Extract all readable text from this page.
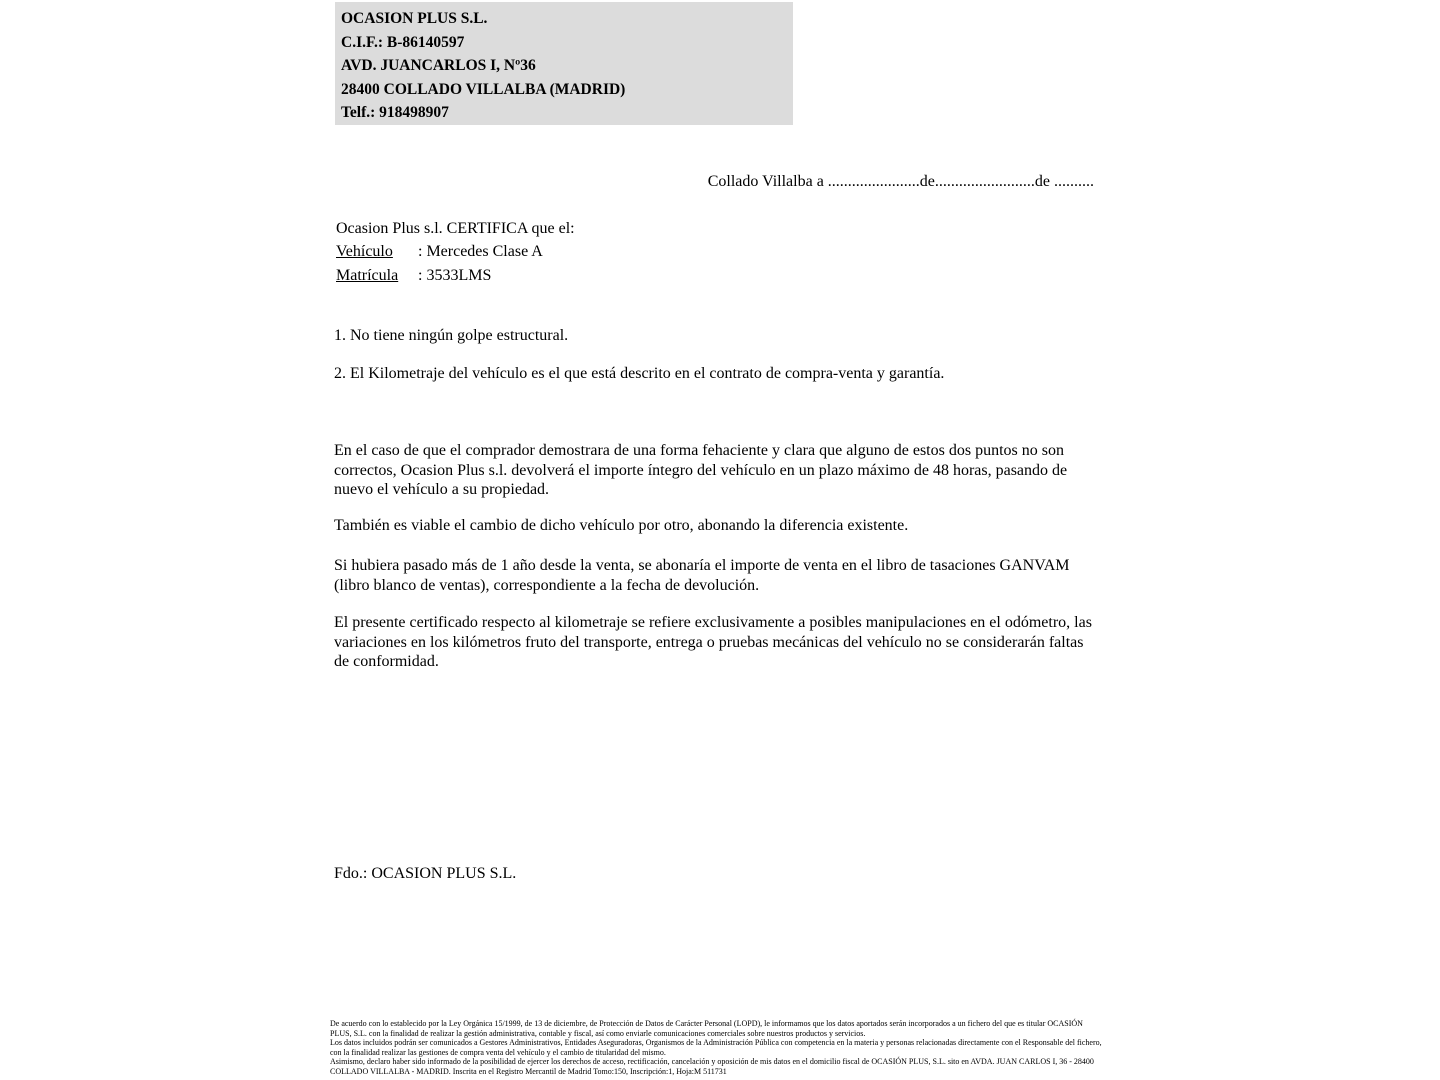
OCASION PLUS S.L.
C.I.F.: B-86140597
AVD. JUANCARLOS I, Nº36
28400 COLLADO VILLALBA (MADRID)
Telf.: 918498907
Collado Villalba a .......................de.........................de ..........
Ocasion Plus s.l. CERTIFICA que el:
Vehículo : Mercedes Clase A
Matrícula : 3533LMS
1. No tiene ningún golpe estructural.
2. El Kilometraje del vehículo es el que está descrito en el contrato de compra-venta y garantía.
En el caso de que el comprador demostrara de una forma fehaciente y clara que alguno de estos dos puntos no son correctos, Ocasion Plus s.l. devolverá el importe íntegro del vehículo en un plazo máximo de 48 horas, pasando de nuevo el vehículo a su propiedad.
También es viable el cambio de dicho vehículo por otro, abonando la diferencia existente.
Si hubiera pasado más de 1 año desde la venta, se abonaría el importe de venta en el libro de tasaciones GANVAM (libro blanco de ventas), correspondiente a la fecha de devolución.
El presente certificado respecto al kilometraje se refiere exclusivamente a posibles manipulaciones en el odómetro, las variaciones en los kilómetros fruto del transporte, entrega o pruebas mecánicas del vehículo no se considerarán faltas de conformidad.
Fdo.: OCASION PLUS S.L.
De acuerdo con lo establecido por la Ley Orgánica 15/1999, de 13 de diciembre, de Protección de Datos de Carácter Personal (LOPD), le informamos que los datos aportados serán incorporados a un fichero del que es titular OCASIÓN PLUS, S.L. con la finalidad de realizar la gestión administrativa, contable y fiscal, así como enviarle comunicaciones comerciales sobre nuestros productos y servicios.
Los datos incluidos podrán ser comunicados a Gestores Administrativos, Entidades Aseguradoras, Organismos de la Administración Pública con competencia en la materia y personas relacionadas directamente con el Responsable del fichero, con la finalidad realizar las gestiones de compra venta del vehículo y el cambio de titularidad del mismo.
Asimismo, declaro haber sido informado de la posibilidad de ejercer los derechos de acceso, rectificación, cancelación y oposición de mis datos en el domicilio fiscal de OCASIÓN PLUS, S.L. sito en AVDA. JUAN CARLOS I, 36 - 28400 COLLADO VILLALBA - MADRID. Inscrita en el Registro Mercantil de Madrid Tomo:150, Inscripción:1, Hoja:M 511731
